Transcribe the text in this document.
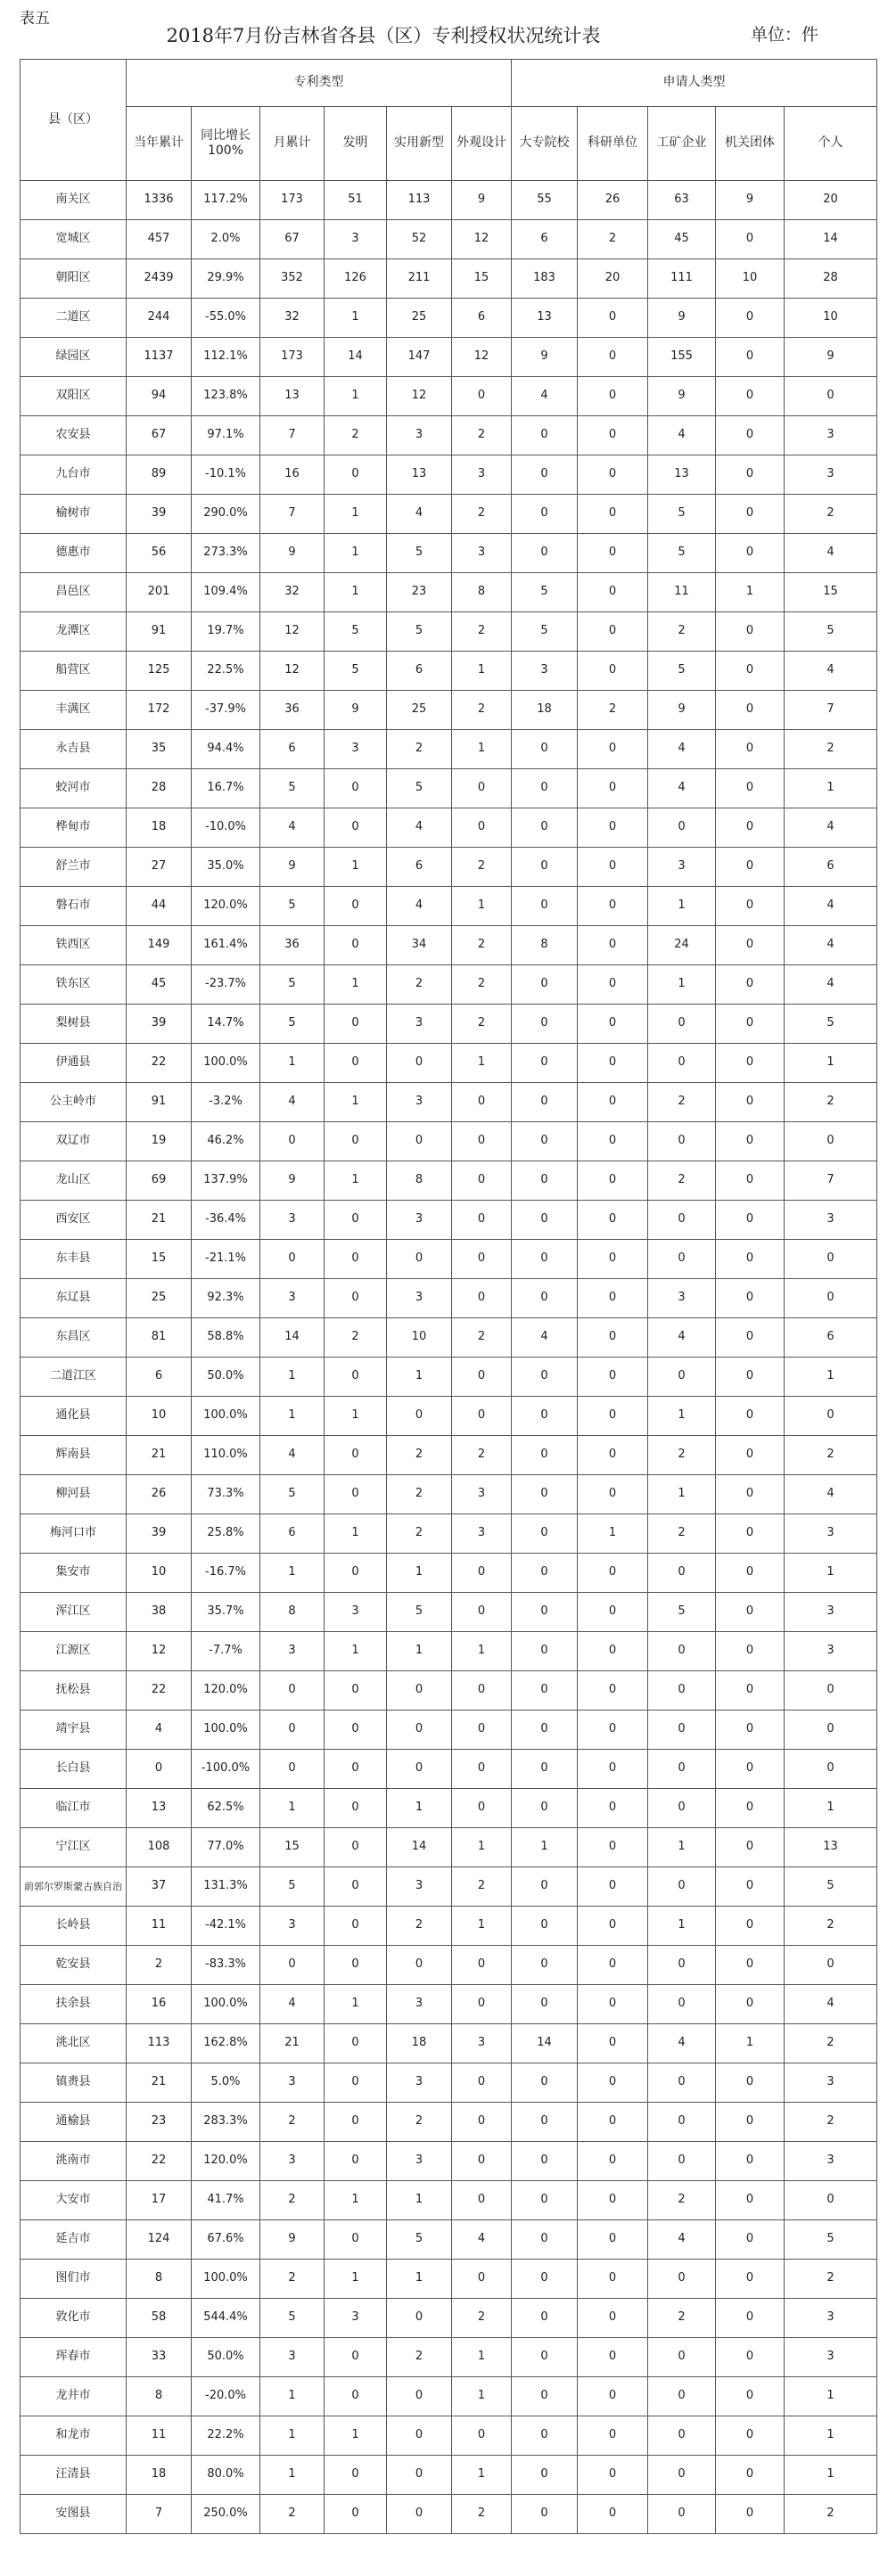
表五
2018年7月份吉林省各县（区）专利授权状况统计表	单位：件
县（区）	专利类型						申请人类型				
	当年累计	同比增长100%	月累计	发明	实用新型	外观设计	大专院校	科研单位	工矿企业	机关团体	个人
南关区	1336	117.2%	173	51	113	9	55	26	63	9	20
宽城区	457	2.0%	67	3	52	12	6	2	45	0	14
朝阳区	2439	29.9%	352	126	211	15	183	20	111	10	28
二道区	244	-55.0%	32	1	25	6	13	0	9	0	10
绿园区	1137	112.1%	173	14	147	12	9	0	155	0	9
双阳区	94	123.8%	13	1	12	0	4	0	9	0	0
农安县	67	97.1%	7	2	3	2	0	0	4	0	3
九台市	89	-10.1%	16	0	13	3	0	0	13	0	3
榆树市	39	290.0%	7	1	4	2	0	0	5	0	2
德惠市	56	273.3%	9	1	5	3	0	0	5	0	4
昌邑区	201	109.4%	32	1	23	8	5	0	11	1	15
龙潭区	91	19.7%	12	5	5	2	5	0	2	0	5
船营区	125	22.5%	12	5	6	1	3	0	5	0	4
丰满区	172	-37.9%	36	9	25	2	18	2	9	0	7
永吉县	35	94.4%	6	3	2	1	0	0	4	0	2
蛟河市	28	16.7%	5	0	5	0	0	0	4	0	1
桦甸市	18	-10.0%	4	0	4	0	0	0	0	0	4
舒兰市	27	35.0%	9	1	6	2	0	0	3	0	6
磐石市	44	120.0%	5	0	4	1	0	0	1	0	4
铁西区	149	161.4%	36	0	34	2	8	0	24	0	4
铁东区	45	-23.7%	5	1	2	2	0	0	1	0	4
梨树县	39	14.7%	5	0	3	2	0	0	0	0	5
伊通县	22	100.0%	1	0	0	1	0	0	0	0	1
公主岭市	91	-3.2%	4	1	3	0	0	0	2	0	2
双辽市	19	46.2%	0	0	0	0	0	0	0	0	0
龙山区	69	137.9%	9	1	8	0	0	0	2	0	7
西安区	21	-36.4%	3	0	3	0	0	0	0	0	3
东丰县	15	-21.1%	0	0	0	0	0	0	0	0	0
东辽县	25	92.3%	3	0	3	0	0	0	3	0	0
东昌区	81	58.8%	14	2	10	2	4	0	4	0	6
二道江区	6	50.0%	1	0	1	0	0	0	0	0	1
通化县	10	100.0%	1	1	0	0	0	0	1	0	0
辉南县	21	110.0%	4	0	2	2	0	0	2	0	2
柳河县	26	73.3%	5	0	2	3	0	0	1	0	4
梅河口市	39	25.8%	6	1	2	3	0	1	2	0	3
集安市	10	-16.7%	1	0	1	0	0	0	0	0	1
浑江区	38	35.7%	8	3	5	0	0	0	5	0	3
江源区	12	-7.7%	3	1	1	1	0	0	0	0	3
抚松县	22	120.0%	0	0	0	0	0	0	0	0	0
靖宇县	4	100.0%	0	0	0	0	0	0	0	0	0
长白县	0	-100.0%	0	0	0	0	0	0	0	0	0
临江市	13	62.5%	1	0	1	0	0	0	0	0	1
宁江区	108	77.0%	15	0	14	1	1	0	1	0	13
前郭尔罗斯蒙古族自治	37	131.3%	5	0	3	2	0	0	0	0	5
长岭县	11	-42.1%	3	0	2	1	0	0	1	0	2
乾安县	2	-83.3%	0	0	0	0	0	0	0	0	0
扶余县	16	100.0%	4	1	3	0	0	0	0	0	4
洮北区	113	162.8%	21	0	18	3	14	0	4	1	2
镇赉县	21	5.0%	3	0	3	0	0	0	0	0	3
通榆县	23	283.3%	2	0	2	0	0	0	0	0	2
洮南市	22	120.0%	3	0	3	0	0	0	0	0	3
大安市	17	41.7%	2	1	1	0	0	0	2	0	0
延吉市	124	67.6%	9	0	5	4	0	0	4	0	5
图们市	8	100.0%	2	1	1	0	0	0	0	0	2
敦化市	58	544.4%	5	3	0	2	0	0	2	0	3
珲春市	33	50.0%	3	0	2	1	0	0	0	0	3
龙井市	8	-20.0%	1	0	0	1	0	0	0	0	1
和龙市	11	22.2%	1	1	0	0	0	0	0	0	1
汪清县	18	80.0%	1	0	0	1	0	0	0	0	1
安图县	7	250.0%	2	0	0	2	0	0	0	0	2
